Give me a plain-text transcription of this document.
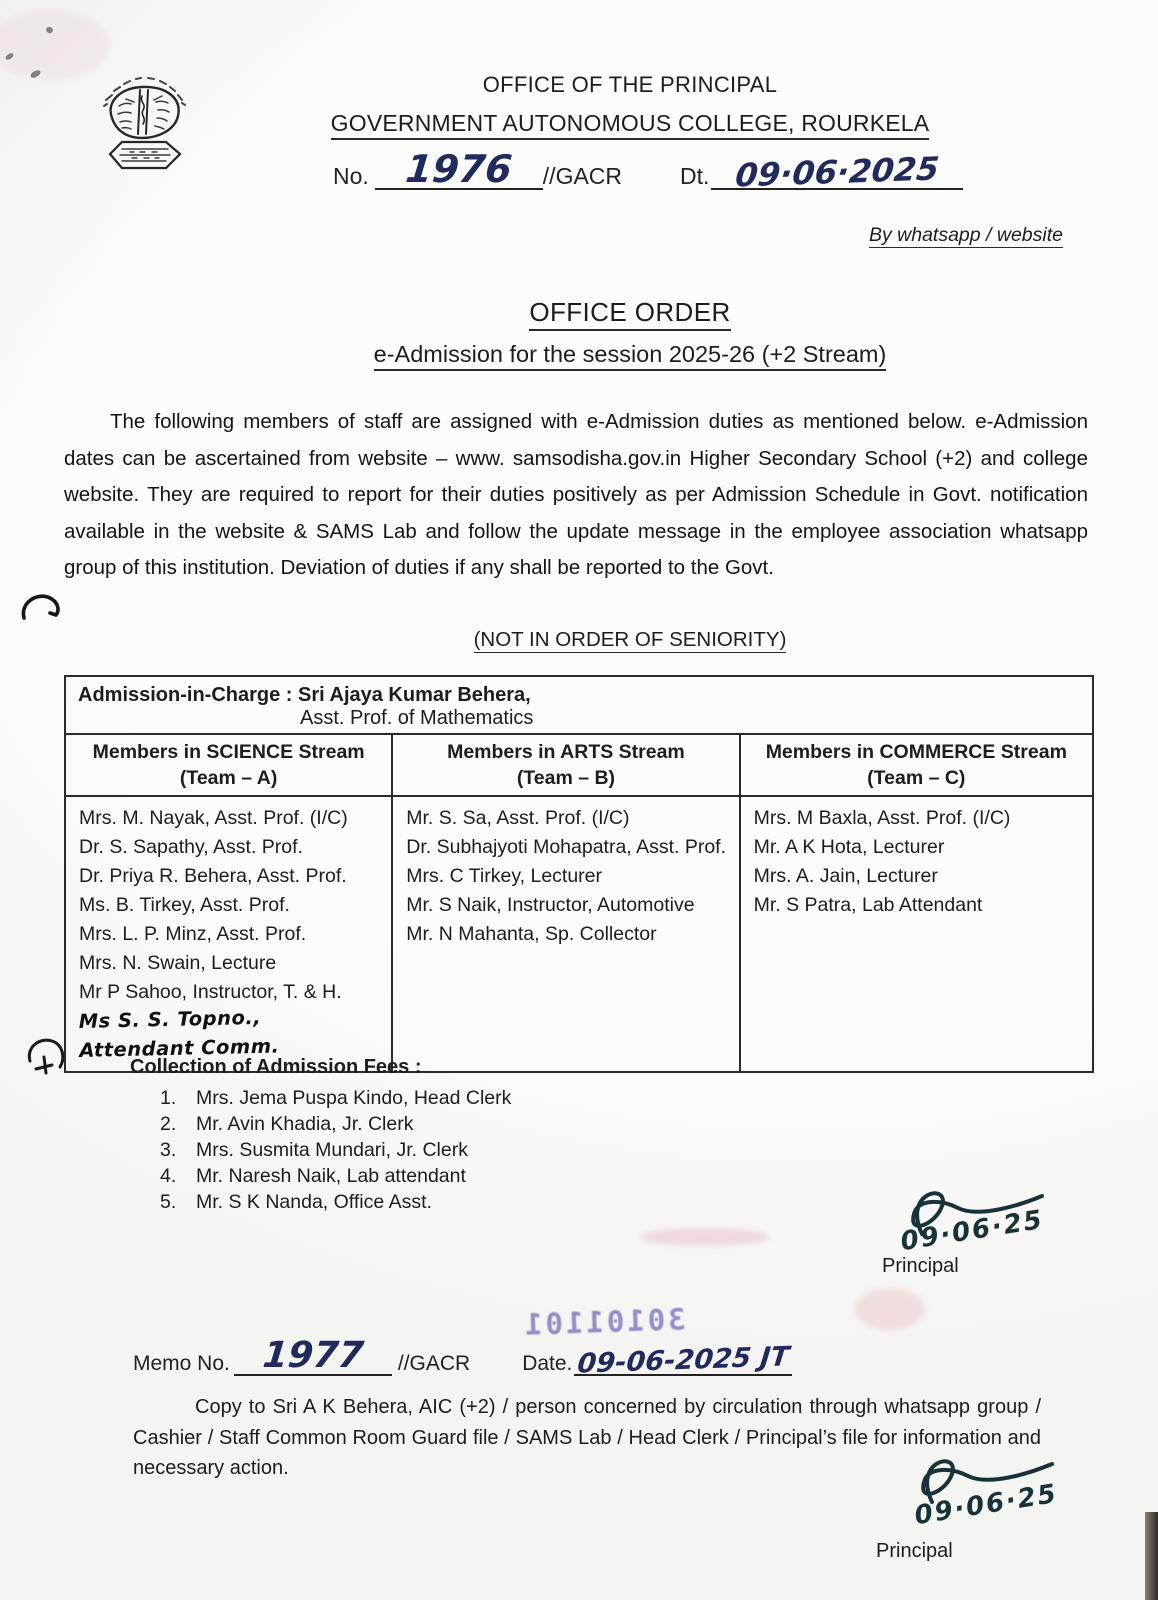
OFFICE OF THE PRINCIPAL
GOVERNMENT AUTONOMOUS COLLEGE, ROURKELA
No. 1976	//GACR	Dt. 09·06·2025
By whatsapp / website
OFFICE ORDER
e-Admission for the session 2025-26 (+2 Stream)
The following members of staff are assigned with e-Admission duties as mentioned below. e-Admission dates can be ascertained from website – www. samsodisha.gov.in Higher Secondary School (+2) and college website. They are required to report for their duties positively as per Admission Schedule in Govt. notification available in the website & SAMS Lab and follow the update message in the employee association whatsapp group of this institution. Deviation of duties if any shall be reported to the Govt.
(NOT IN ORDER OF SENIORITY)
Admission-in-Charge : Sri Ajaya Kumar Behera,
Asst. Prof. of Mathematics		

Members in SCIENCE Stream
(Team – A)

Members in ARTS Stream
(Team – B)

Members in COMMERCE Stream
(Team – C)

Mrs. M. Nayak, Asst. Prof. (I/C)
Dr. S. Sapathy, Asst. Prof.
Dr. Priya R. Behera, Asst. Prof.
Ms. B. Tirkey, Asst. Prof.
Mrs. L. P. Minz, Asst. Prof.
Mrs. N. Swain, Lecture
Mr P Sahoo, Instructor, T. & H.
Ms S. S. Topno., Attendant Comm.

Mr. S. Sa, Asst. Prof. (I/C)
Dr. Subhajyoti Mohapatra, Asst. Prof.
Mrs. C Tirkey, Lecturer
Mr. S Naik, Instructor, Automotive
Mr. N Mahanta, Sp. Collector

Mrs. M Baxla, Asst. Prof. (I/C)
Mr. A K Hota, Lecturer
Mrs. A. Jain, Lecturer
Mr. S Patra, Lab Attendant
Collection of Admission Fees :
1.	Mrs. Jema Puspa Kindo, Head Clerk
2.	Mr. Avin Khadia, Jr. Clerk
3.	Mrs. Susmita Mundari, Jr. Clerk
4.	Mr. Naresh Naik, Lab attendant
5.	Mr. S K Nanda, Office Asst.
09·06·25
Principal
30101101
Memo No. 1977	//GACR Date. 09-06-2025 JT
Copy to Sri A K Behera, AIC (+2) / person concerned by circulation through whatsapp group / Cashier / Staff Common Room Guard file / SAMS Lab / Head Clerk / Principal’s file for information and necessary action.
09·06·25
Principal
